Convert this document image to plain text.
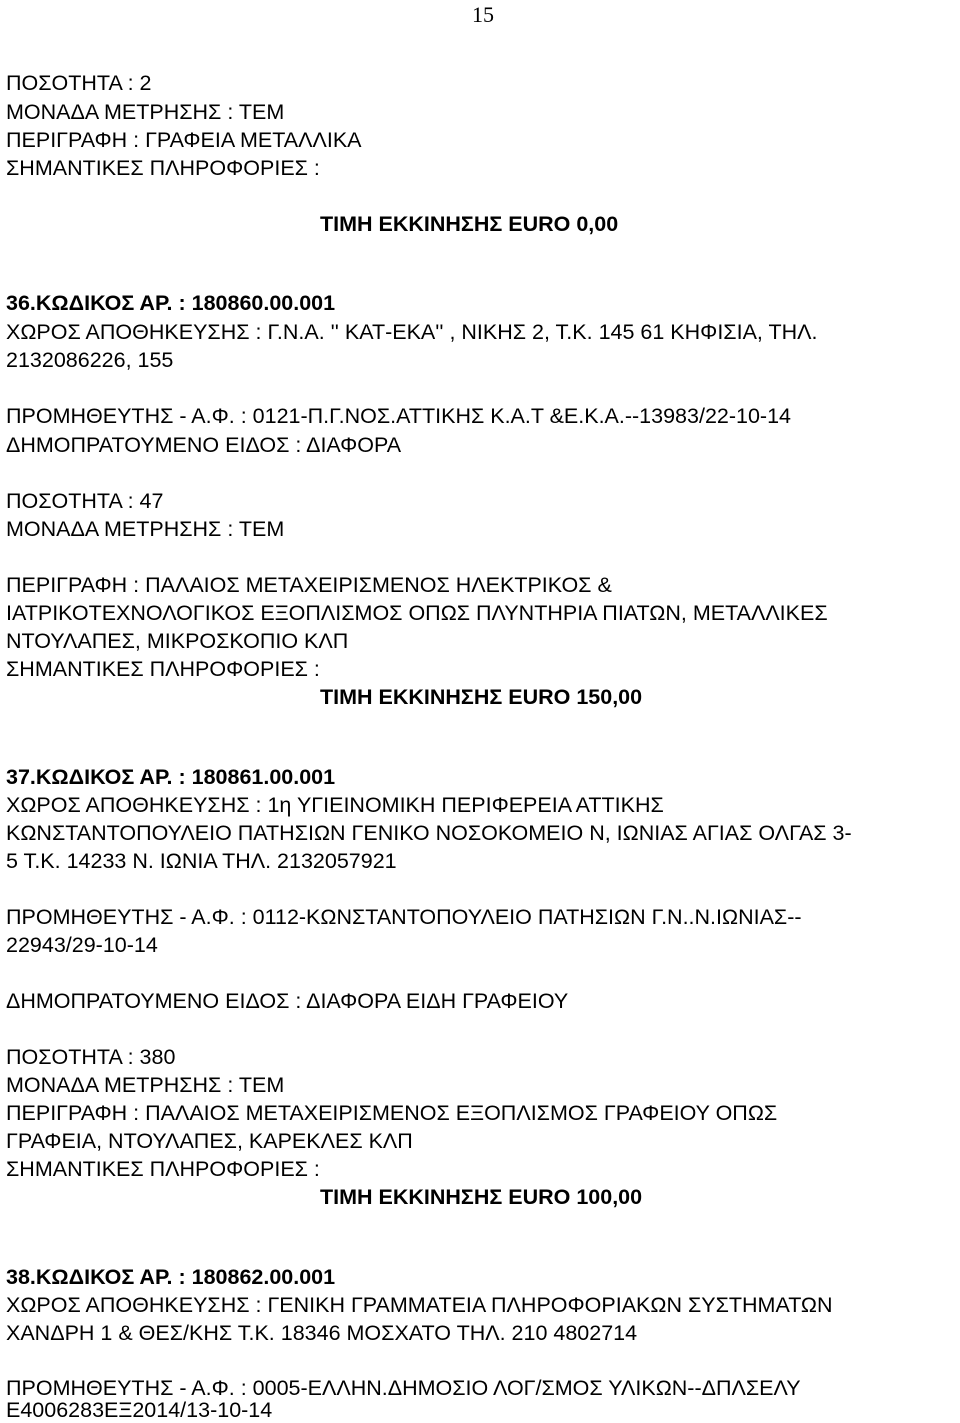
15
ΠΟΣΟΤΗΤΑ : 2
ΜΟΝΑΔΑ ΜΕΤΡΗΣΗΣ : ΤΕΜ
ΠΕΡΙΓΡΑΦΗ : ΓΡΑΦΕΙΑ ΜΕΤΑΛΛΙΚΑ
ΣΗΜΑΝΤΙΚΕΣ ΠΛΗΡΟΦΟΡΙΕΣ :
ΤΙΜΗ ΕΚΚΙΝΗΣΗΣ EURO 0,00
36.ΚΩΔΙΚΟΣ ΑΡ. : 180860.00.001
ΧΩΡΟΣ ΑΠΟΘΗΚΕΥΣΗΣ : Γ.Ν.Α. '' ΚΑΤ-ΕΚΑ'' , ΝΙΚΗΣ 2, Τ.Κ. 145 61 ΚΗΦΙΣΙΑ, ΤΗΛ.
2132086226, 155
ΠΡΟΜΗΘΕΥΤΗΣ - Α.Φ. : 0121-Π.Γ.ΝΟΣ.ΑΤΤΙΚΗΣ Κ.Α.Τ &Ε.Κ.Α.--13983/22-10-14
ΔΗΜΟΠΡΑΤΟΥΜΕΝΟ ΕΙΔΟΣ : ΔΙΑΦΟΡΑ
ΠΟΣΟΤΗΤΑ : 47
ΜΟΝΑΔΑ ΜΕΤΡΗΣΗΣ : ΤΕΜ
ΠΕΡΙΓΡΑΦΗ : ΠΑΛΑΙΟΣ ΜΕΤΑΧΕΙΡΙΣΜΕΝΟΣ ΗΛΕΚΤΡΙΚΟΣ &
ΙΑΤΡΙΚΟΤΕΧΝΟΛΟΓΙΚΟΣ ΕΞΟΠΛΙΣΜΟΣ ΟΠΩΣ ΠΛΥΝΤΗΡΙΑ ΠΙΑΤΩΝ, ΜΕΤΑΛΛΙΚΕΣ
ΝΤΟΥΛΑΠΕΣ, ΜΙΚΡΟΣΚΟΠΙΟ ΚΛΠ
ΣΗΜΑΝΤΙΚΕΣ ΠΛΗΡΟΦΟΡΙΕΣ :
ΤΙΜΗ ΕΚΚΙΝΗΣΗΣ EURO 150,00
37.ΚΩΔΙΚΟΣ ΑΡ. : 180861.00.001
ΧΩΡΟΣ ΑΠΟΘΗΚΕΥΣΗΣ : 1η ΥΓΙΕΙΝΟΜΙΚΗ ΠΕΡΙΦΕΡΕΙΑ ΑΤΤΙΚΗΣ
ΚΩΝΣΤΑΝΤΟΠΟΥΛΕΙΟ ΠΑΤΗΣΙΩΝ ΓΕΝΙΚΟ ΝΟΣΟΚΟΜΕΙΟ Ν, ΙΩΝΙΑΣ ΑΓΙΑΣ ΟΛΓΑΣ 3-
5 Τ.Κ. 14233 Ν. ΙΩΝΙΑ ΤΗΛ. 2132057921
ΠΡΟΜΗΘΕΥΤΗΣ - Α.Φ. : 0112-ΚΩΝΣΤΑΝΤΟΠΟΥΛΕΙΟ ΠΑΤΗΣΙΩΝ Γ.Ν..Ν.ΙΩΝΙΑΣ--
22943/29-10-14
ΔΗΜΟΠΡΑΤΟΥΜΕΝΟ ΕΙΔΟΣ : ΔΙΑΦΟΡΑ ΕΙΔΗ ΓΡΑΦΕΙΟΥ
ΠΟΣΟΤΗΤΑ : 380
ΜΟΝΑΔΑ ΜΕΤΡΗΣΗΣ : ΤΕΜ
ΠΕΡΙΓΡΑΦΗ : ΠΑΛΑΙΟΣ ΜΕΤΑΧΕΙΡΙΣΜΕΝΟΣ ΕΞΟΠΛΙΣΜΟΣ ΓΡΑΦΕΙΟΥ ΟΠΩΣ
ΓΡΑΦΕΙΑ, ΝΤΟΥΛΑΠΕΣ, ΚΑΡΕΚΛΕΣ ΚΛΠ
ΣΗΜΑΝΤΙΚΕΣ ΠΛΗΡΟΦΟΡΙΕΣ :
ΤΙΜΗ ΕΚΚΙΝΗΣΗΣ EURO 100,00
38.ΚΩΔΙΚΟΣ ΑΡ. : 180862.00.001
ΧΩΡΟΣ ΑΠΟΘΗΚΕΥΣΗΣ : ΓΕΝΙΚΗ ΓΡΑΜΜΑΤΕΙΑ ΠΛΗΡΟΦΟΡΙΑΚΩΝ ΣΥΣΤΗΜΑΤΩΝ
ΧΑΝΔΡΗ 1 & ΘΕΣ/ΚΗΣ Τ.Κ. 18346 ΜΟΣΧΑΤΟ ΤΗΛ. 210 4802714
ΠΡΟΜΗΘΕΥΤΗΣ - Α.Φ. : 0005-ΕΛΛΗΝ.ΔΗΜΟΣΙΟ ΛΟΓ/ΣΜΟΣ ΥΛΙΚΩΝ--ΔΠΛΣΕΛΥ
Ε4006283ΕΞ2014/13-10-14
